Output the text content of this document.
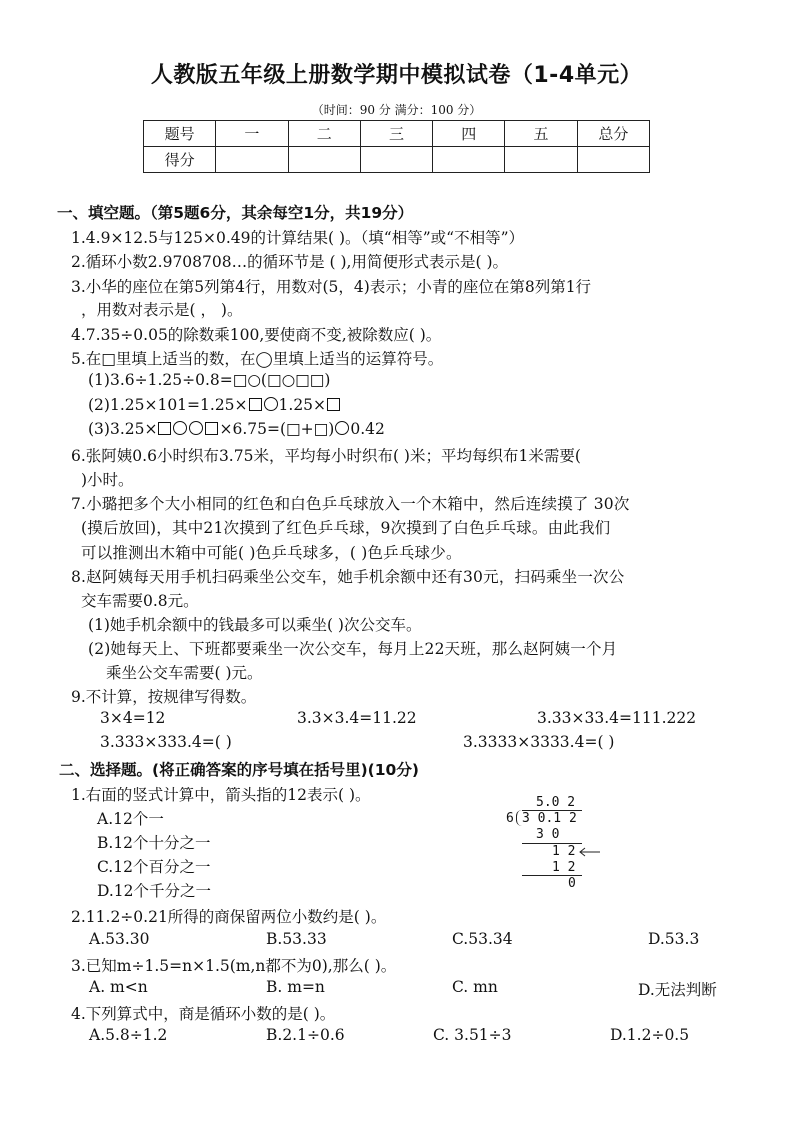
人教版五年级上册数学期中模拟试卷（1-4单元）
（时间：90 分 满分：100 分）
题号	一	二	三	四	五	总分
得分						
一、填空题。（第5题6分，其余每空1分，共19分）
1.4.9×12.5与125×0.49的计算结果( )。（填“相等”或“不相等”）
2.循环小数2.9708708…的循环节是 ( ),用简便形式表示是( )。
3.小华的座位在第5列第4行，用数对(5，4)表示；小青的座位在第8列第1行
，用数对表示是( ， )。
4.7.35÷0.05的除数乘100,要使商不变,被除数应( )。
5.在□里填上适当的数，在◯里填上适当的运算符号。
(1)3.6÷1.25÷0.8=□○(□○□□)
(2)1.25×101=1.25× 1.25×
(3)3.25×	×6.75=(□+□) 0.42
6.张阿姨0.6小时织布3.75米，平均每小时织布( )米；平均每织布1米需要(
)小时。
7.小璐把多个大小相同的红色和白色乒乓球放入一个木箱中，然后连续摸了 30次
(摸后放回)，其中21次摸到了红色乒乓球，9次摸到了白色乒乓球。由此我们
可以推测出木箱中可能( )色乒乓球多，( )色乒乓球少。
8.赵阿姨每天用手机扫码乘坐公交车，她手机余额中还有30元，扫码乘坐一次公
交车需要0.8元。
(1)她手机余额中的钱最多可以乘坐( )次公交车。
(2)她每天上、下班都要乘坐一次公交车，每月上22天班，那么赵阿姨一个月
乘坐公交车需要( )元。
9.不计算，按规律写得数。
3×4=12	3.3×3.4=11.22	3.33×33.4=111.222
3.333×333.4=( )	3.3333×3333.4=( )
二、选择题。(将正确答案的序号填在括号里)(10分)
1.右面的竖式计算中，箭头指的12表示( )。
A.12个一
B.12个十分之一
C.12个百分之一
D.12个千分之一
5.0 2
6 3 0.1 2
3 0
1 2
1 2
0
2.11.2÷0.21所得的商保留两位小数约是( )。
A.53.30	B.53.33	C.53.34	D.53.3
3.已知m÷1.5=n×1.5(m,n都不为0),那么( )。
A. m<n	B. m=n	C. mn	D.无法判断
4.下列算式中，商是循环小数的是( )。
A.5.8÷1.2	B.2.1÷0.6	C. 3.51÷3	D.1.2÷0.5
